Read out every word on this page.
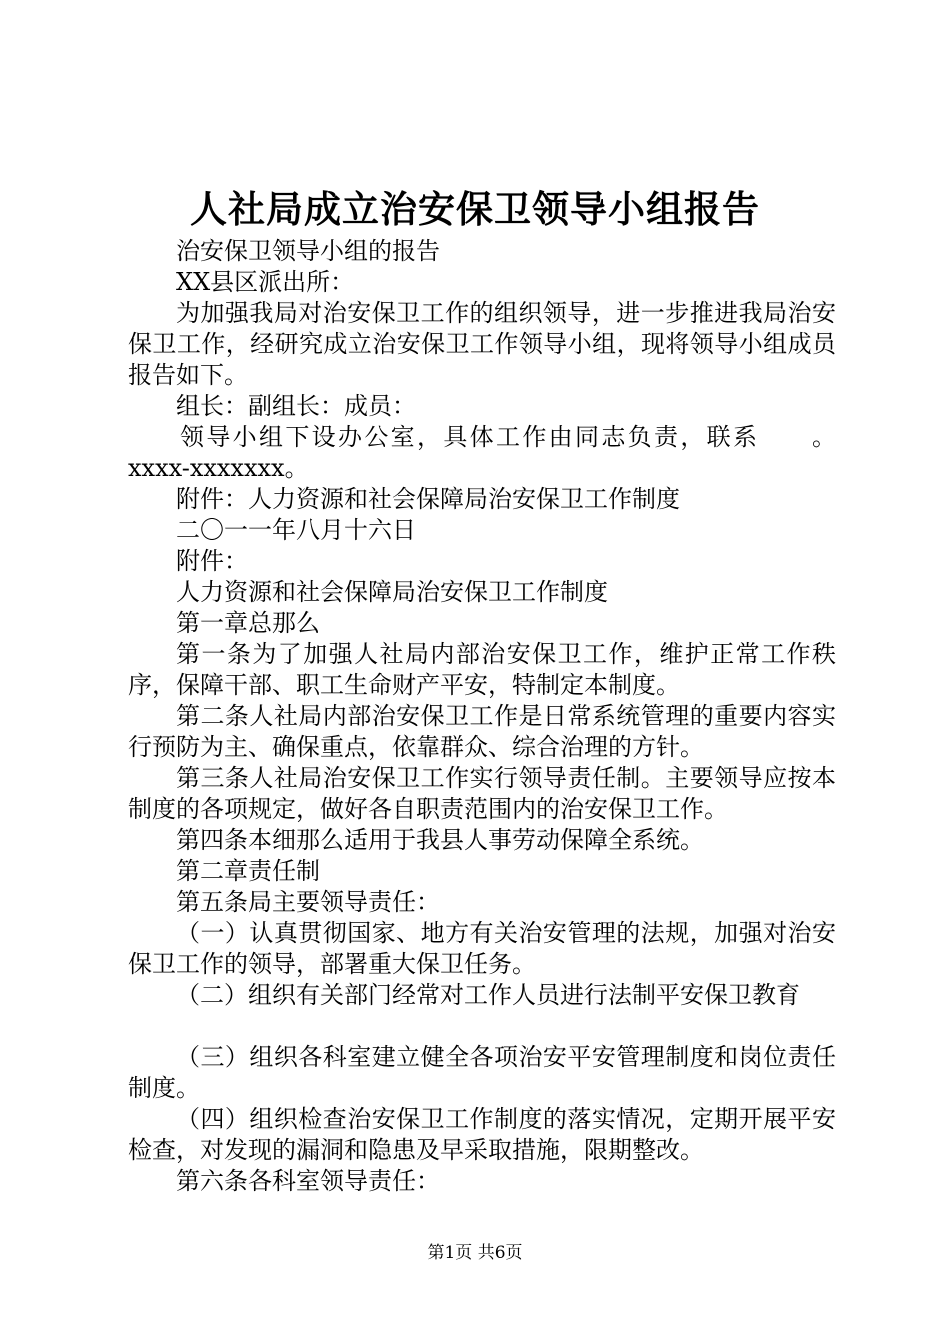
人社局成立治安保卫领导小组报告

治安保卫领导小组的报告

XX县区派出所：

为加强我局对治安保卫工作的组织领导，进一步推进我局治安保卫工作，经研究成立治安保卫工作领导小组，现将领导小组成员报告如下。

组长：副组长：成员：

领导小组下设办公室，具体工作由同志负责，联系　　。xxxx-xxxxxxx。

附件：人力资源和社会保障局治安保卫工作制度

二〇一一年八月十六日

附件：

人力资源和社会保障局治安保卫工作制度

第一章总那么

第一条为了加强人社局内部治安保卫工作，维护正常工作秩序，保障干部、职工生命财产平安，特制定本制度。

第二条人社局内部治安保卫工作是日常系统管理的重要内容实行预防为主、确保重点，依靠群众、综合治理的方针。

第三条人社局治安保卫工作实行领导责任制。主要领导应按本制度的各项规定，做好各自职责范围内的治安保卫工作。

第四条本细那么适用于我县人事劳动保障全系统。

第二章责任制

第五条局主要领导责任：

（一）认真贯彻国家、地方有关治安管理的法规，加强对治安保卫工作的领导，部署重大保卫任务。

（二）组织有关部门经常对工作人员进行法制平安保卫教育

（三）组织各科室建立健全各项治安平安管理制度和岗位责任制度。

（四）组织检查治安保卫工作制度的落实情况，定期开展平安检查，对发现的漏洞和隐患及早采取措施，限期整改。

第六条各科室领导责任：

第1页 共6页
